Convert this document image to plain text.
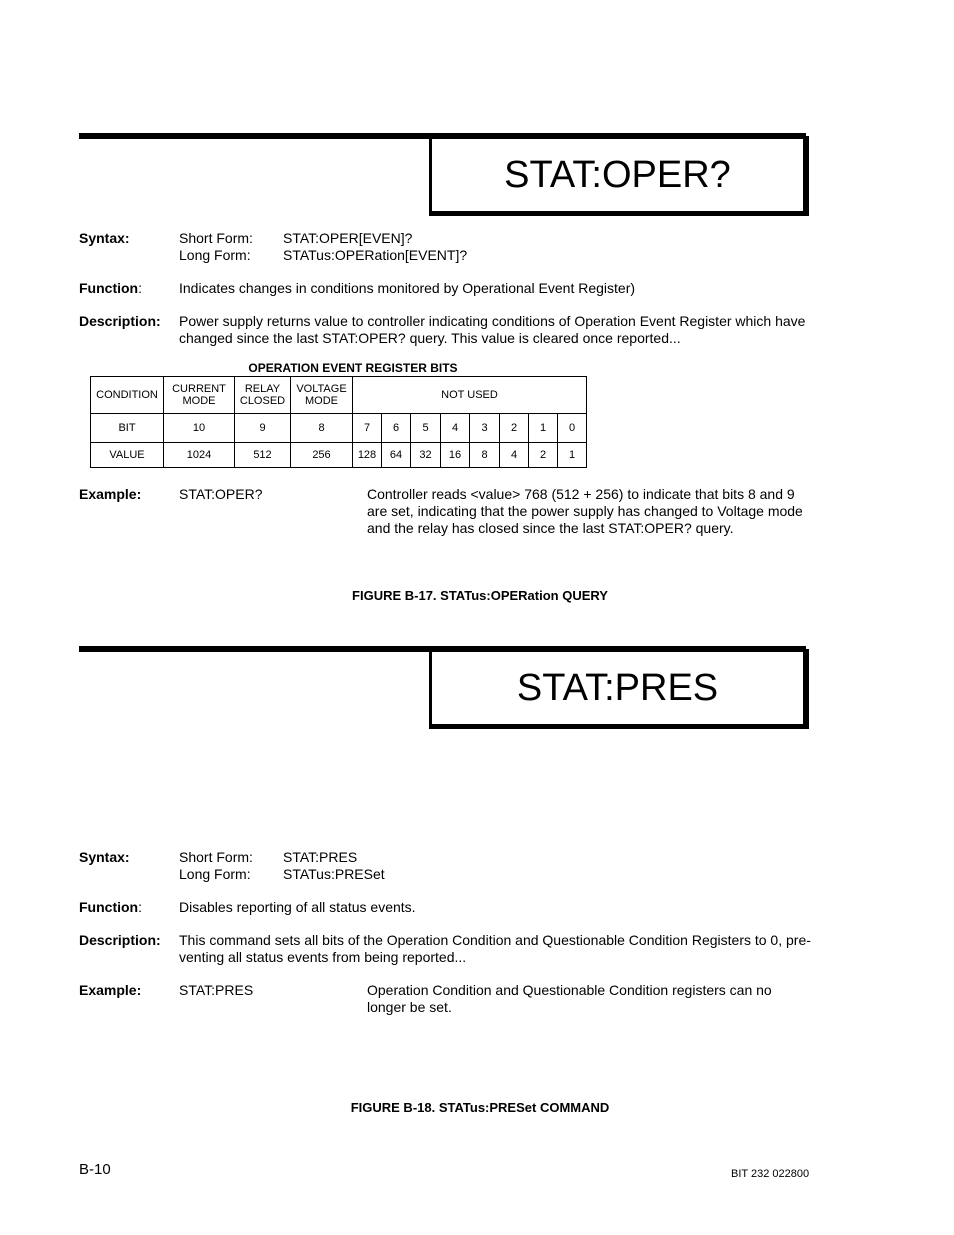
STAT:OPER?
Syntax:	Short Form: STAT:OPER[EVEN]?
Long Form: STATus:OPERation[EVENT]?
Function:	Indicates changes in conditions monitored by Operational Event Register)
Description: Power supply returns value to controller indicating conditions of Operation Event Register which have changed since the last STAT:OPER? query. This value is cleared once reported...
OPERATION EVENT REGISTER BITS
CONDITION	CURRENT MODE	RELAY CLOSED	VOLTAGE MODE	NOT USED							
BIT	10	9	8	7	6	5	4	3	2	1	0
VALUE	1024	512	256	128	64	32	16	8	4	2	1
Example:	STAT:OPER?	Controller reads <value> 768 (512 + 256) to indicate that bits 8 and 9 are set, indicating that the power supply has changed to Voltage mode and the relay has closed since the last STAT:OPER? query.
FIGURE B-17. STATus:OPERation QUERY
STAT:PRES
Syntax:	Short Form: STAT:PRES
Long Form: STATus:PRESet
Function:	Disables reporting of all status events.
Description: This command sets all bits of the Operation Condition and Questionable Condition Registers to 0, pre-venting all status events from being reported...
Example:	STAT:PRES	Operation Condition and Questionable Condition registers can no longer be set.
FIGURE B-18. STATus:PRESet COMMAND
B-10	BIT 232 022800
